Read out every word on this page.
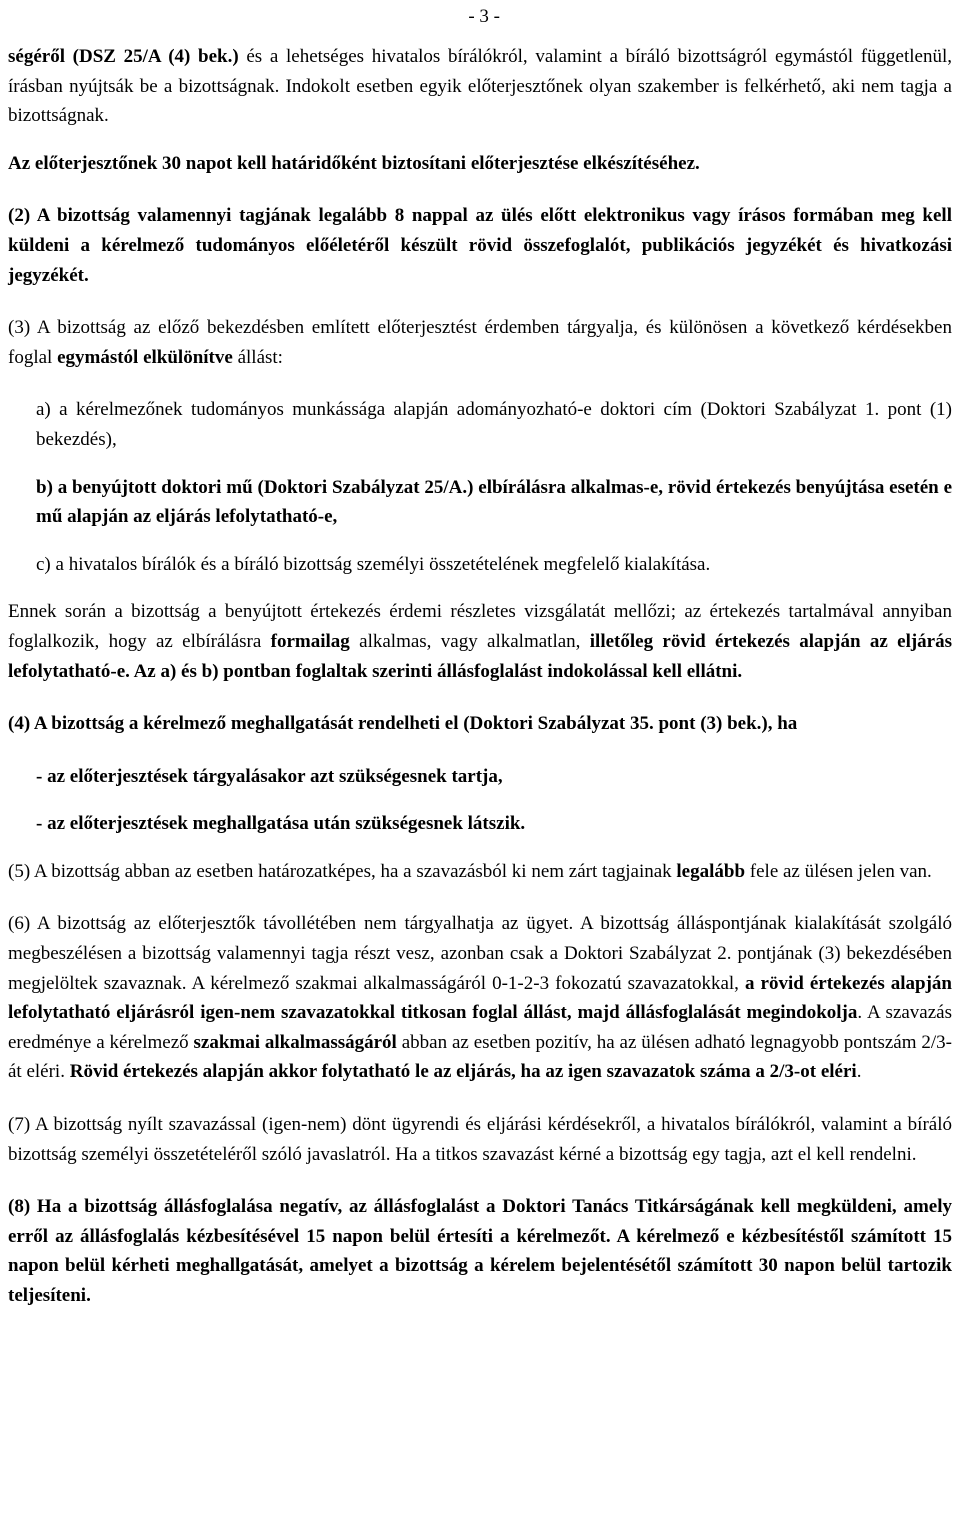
- 3 -

ségéről (DSZ 25/A (4) bek.) és a lehetséges hivatalos bírálókról, valamint a bíráló bizottságról egymástól függetlenül, írásban nyújtsák be a bizottságnak. Indokolt esetben egyik előterjesztőnek olyan szakember is felkérhető, aki nem tagja a bizottságnak.

Az előterjesztőnek 30 napot kell határidőként biztosítani előterjesztése elkészítéséhez.

(2) A bizottság valamennyi tagjának legalább 8 nappal az ülés előtt elektronikus vagy írásos formában meg kell küldeni a kérelmező tudományos előéletéről készült rövid összefoglalót, publikációs jegyzékét és hivatkozási jegyzékét.

(3) A bizottság az előző bekezdésben említett előterjesztést érdemben tárgyalja, és különösen a következő kérdésekben foglal egymástól elkülönítve állást:

a) a kérelmezőnek tudományos munkássága alapján adományozható-e doktori cím (Doktori Szabályzat 1. pont (1) bekezdés),

b) a benyújtott doktori mű (Doktori Szabályzat 25/A.) elbírálásra alkalmas-e, rövid értekezés benyújtása esetén e mű alapján az eljárás lefolytatható-e,

c) a hivatalos bírálók és a bíráló bizottság személyi összetételének megfelelő kialakítása.

Ennek során a bizottság a benyújtott értekezés érdemi részletes vizsgálatát mellőzi; az értekezés tartalmával annyiban foglalkozik, hogy az elbírálásra formailag alkalmas, vagy alkalmatlan, illetőleg rövid értekezés alapján az eljárás lefolytatható-e. Az a) és b) pontban foglaltak szerinti állásfoglalást indokolással kell ellátni.

(4) A bizottság a kérelmező meghallgatását rendelheti el (Doktori Szabályzat 35. pont (3) bek.), ha

- az előterjesztések tárgyalásakor azt szükségesnek tartja,

- az előterjesztések meghallgatása után szükségesnek látszik.

(5) A bizottság abban az esetben határozatképes, ha a szavazásból ki nem zárt tagjainak legalább fele az ülésen jelen van.

(6) A bizottság az előterjesztők távollétében nem tárgyalhatja az ügyet. A bizottság álláspontjának kialakítását szolgáló megbeszélésen a bizottság valamennyi tagja részt vesz, azonban csak a Doktori Szabályzat 2. pontjának (3) bekezdésében megjelöltek szavaznak. A kérelmező szakmai alkalmasságáról 0-1-2-3 fokozatú szavazatokkal, a rövid értekezés alapján lefolytatható eljárásról igen-nem szavazatokkal titkosan foglal állást, majd állásfoglalását megindokolja. A szavazás eredménye a kérelmező szakmai alkalmasságáról abban az esetben pozitív, ha az ülésen adható legnagyobb pontszám 2/3-át eléri. Rövid értekezés alapján akkor folytatható le az eljárás, ha az igen szavazatok száma a 2/3-ot eléri.

(7) A bizottság nyílt szavazással (igen-nem) dönt ügyrendi és eljárási kérdésekről, a hivatalos bírálókról, valamint a bíráló bizottság személyi összetételéről szóló javaslatról. Ha a titkos szavazást kérné a bizottság egy tagja, azt el kell rendelni.

(8) Ha a bizottság állásfoglalása negatív, az állásfoglalást a Doktori Tanács Titkárságának kell megküldeni, amely erről az állásfoglalás kézbesítésével 15 napon belül értesíti a kérelmezőt. A kérelmező e kézbesítéstől számított 15 napon belül kérheti meghallgatását, amelyet a bizottság a kérelem bejelentésétől számított 30 napon belül tartozik teljesíteni.
